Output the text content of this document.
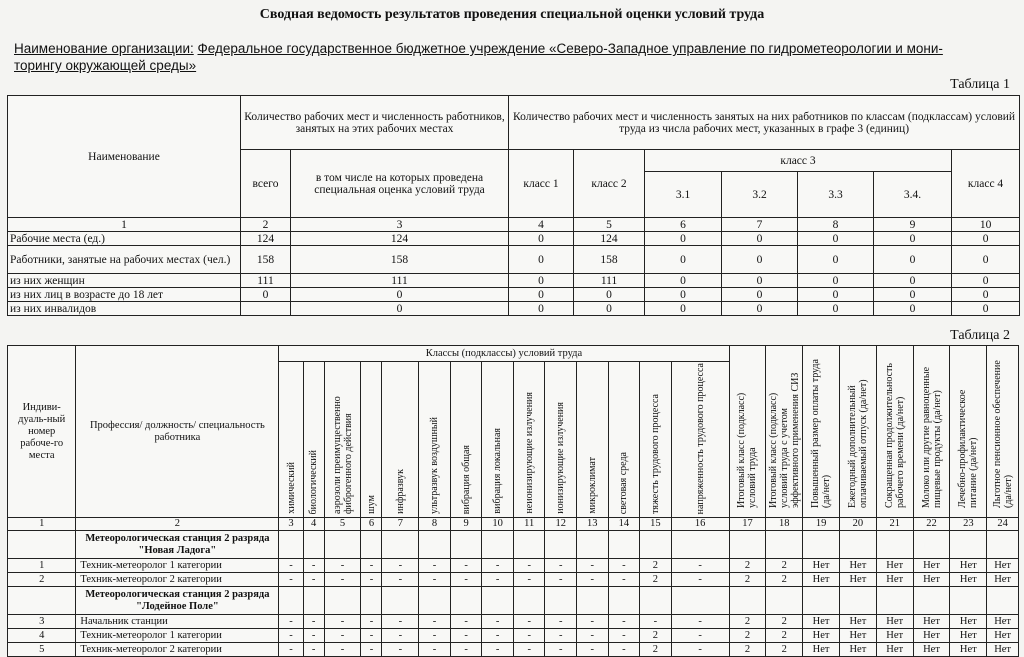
Сводная ведомость результатов проведения специальной оценки условий труда
Наименование организации: Федеральное государственное бюджетное учреждение «Северо-Западное управление по гидрометеорологии и мони-
торингу окружающей среды»
Таблица 1
Наименование	Количество рабочих мест и численность работников, занятых на этих рабочих местах		Количество рабочих мест и численность занятых на них работников по классам (подклассам) условий труда из числа рабочих мест, указанных в графе 3 (единиц)						
	всего	в том числе на которых проведена специальная оценка условий труда	класс 1	класс 2	класс 3				класс 4
					3.1	3.2	3.3	3.4.	
1	2	3	4	5	6	7	8	9	10
Рабочие места (ед.)	124	124	0	124	0	0	0	0	0
Работники, занятые на рабочих местах (чел.)	158	158	0	158	0	0	0	0	0
из них женщин	111	111	0	111	0	0	0	0	0
из них лиц в возрасте до 18 лет	0	0	0	0	0	0	0	0	0
из них инвалидов		0	0	0	0	0	0	0	0
Таблица 2
Индиви-дуаль-ный номер рабоче-го места	Профессия/ должность/ специальность работника	Классы (подклассы) условий труда														Итоговый класс (подкласс) условий труда	Итоговый класс (подкласс) условий труда с учетом эффективного применения СИЗ	Повышенный размер оплаты труда (да/нет)	Ежегодный дополнительный оплачиваемый отпуск (да/нет)	Сокращенная продолжительность рабочего времени (да/нет)	Молоко или другие равноценные пищевые продукты (да/нет)	Лечебно-профилактическое питание (да/нет)	Льготное пенсионное обеспечение (да/нет)

		химический	биологический	аэрозоли преимущественно фиброгенного действия	шум	инфразвук	ультразвук воздушный	вибрация общая	вибрация локальная	неионизирующие излучения	ионизирующие излучения	микроклимат	световая среда	тяжесть трудового процесса	напряженность трудового процесса								

1	2	3	4	5	6	7	8	9	10	11	12	13	14	15	16	17	18	19	20	21	22	23	24
	Метеорологическая станция 2 разряда "Новая Ладога"																						
1	Техник-метеоролог 1 категории	-	-	-	-	-	-	-	-	-	-	-	-	2	-	2	2	Нет	Нет	Нет	Нет	Нет	Нет
2	Техник-метеоролог 2 категории	-	-	-	-	-	-	-	-	-	-	-	-	2	-	2	2	Нет	Нет	Нет	Нет	Нет	Нет
	Метеорологическая станция 2 разряда "Лодейное Поле"																						
3	Начальник станции	-	-	-	-	-	-	-	-	-	-	-	-	-	-	2	2	Нет	Нет	Нет	Нет	Нет	Нет
4	Техник-метеоролог 1 категории	-	-	-	-	-	-	-	-	-	-	-	-	2	-	2	2	Нет	Нет	Нет	Нет	Нет	Нет
5	Техник-метеоролог 2 категории	-	-	-	-	-	-	-	-	-	-	-	-	2	-	2	2	Нет	Нет	Нет	Нет	Нет	Нет
